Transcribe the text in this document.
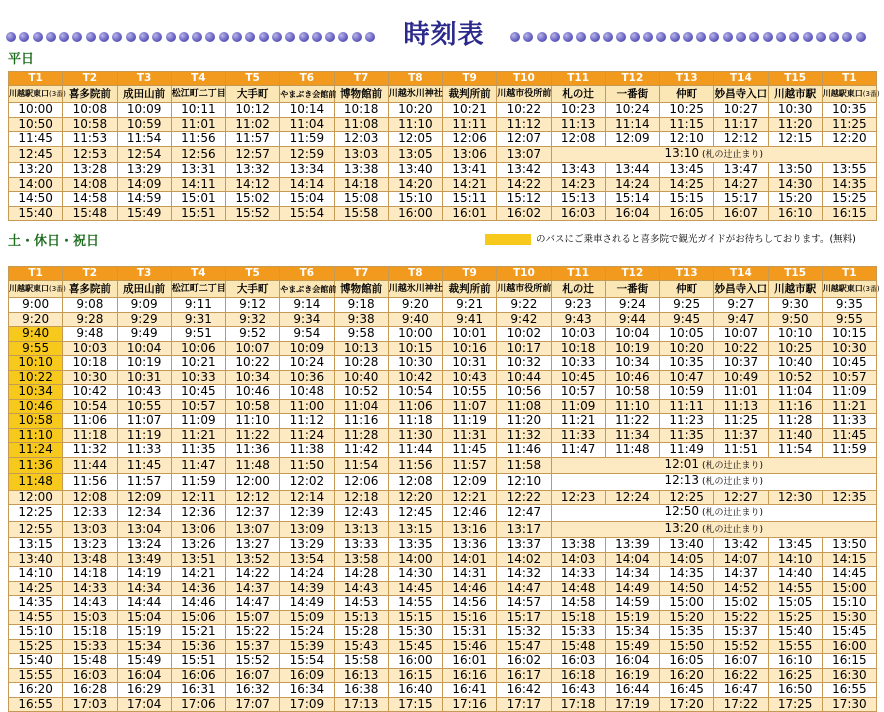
時刻表
平日
T1	T2	T3	T4	T5	T6	T7	T8	T9	T10	T11	T12	T13	T14	T15	T1
川越駅東口(3番)	喜多院前	成田山前	松江町二丁目	大手町	やまぶき会館前	博物館前	川越氷川神社	裁判所前	川越市役所前	札の辻	一番街	仲町	妙昌寺入口	川越市駅	川越駅東口(3番)
10:00	10:08	10:09	10:11	10:12	10:14	10:18	10:20	10:21	10:22	10:23	10:24	10:25	10:27	10:30	10:35
10:50	10:58	10:59	11:01	11:02	11:04	11:08	11:10	11:11	11:12	11:13	11:14	11:15	11:17	11:20	11:25
11:45	11:53	11:54	11:56	11:57	11:59	12:03	12:05	12:06	12:07	12:08	12:09	12:10	12:12	12:15	12:20
12:45	12:53	12:54	12:56	12:57	12:59	13:03	13:05	13:06	13:07	13:10 (札の辻止まり)					
13:20	13:28	13:29	13:31	13:32	13:34	13:38	13:40	13:41	13:42	13:43	13:44	13:45	13:47	13:50	13:55
14:00	14:08	14:09	14:11	14:12	14:14	14:18	14:20	14:21	14:22	14:23	14:24	14:25	14:27	14:30	14:35
14:50	14:58	14:59	15:01	15:02	15:04	15:08	15:10	15:11	15:12	15:13	15:14	15:15	15:17	15:20	15:25
15:40	15:48	15:49	15:51	15:52	15:54	15:58	16:00	16:01	16:02	16:03	16:04	16:05	16:07	16:10	16:15
土・休日・祝日	のバスにご乗車されると喜多院で観光ガイドがお待ちしております。(無料)
T1	T2	T3	T4	T5	T6	T7	T8	T9	T10	T11	T12	T13	T14	T15	T1
川越駅東口(3番)	喜多院前	成田山前	松江町二丁目	大手町	やまぶき会館前	博物館前	川越氷川神社	裁判所前	川越市役所前	札の辻	一番街	仲町	妙昌寺入口	川越市駅	川越駅東口(3番)
9:00	9:08	9:09	9:11	9:12	9:14	9:18	9:20	9:21	9:22	9:23	9:24	9:25	9:27	9:30	9:35
9:20	9:28	9:29	9:31	9:32	9:34	9:38	9:40	9:41	9:42	9:43	9:44	9:45	9:47	9:50	9:55
9:40	9:48	9:49	9:51	9:52	9:54	9:58	10:00	10:01	10:02	10:03	10:04	10:05	10:07	10:10	10:15
9:55	10:03	10:04	10:06	10:07	10:09	10:13	10:15	10:16	10:17	10:18	10:19	10:20	10:22	10:25	10:30
10:10	10:18	10:19	10:21	10:22	10:24	10:28	10:30	10:31	10:32	10:33	10:34	10:35	10:37	10:40	10:45
10:22	10:30	10:31	10:33	10:34	10:36	10:40	10:42	10:43	10:44	10:45	10:46	10:47	10:49	10:52	10:57
10:34	10:42	10:43	10:45	10:46	10:48	10:52	10:54	10:55	10:56	10:57	10:58	10:59	11:01	11:04	11:09
10:46	10:54	10:55	10:57	10:58	11:00	11:04	11:06	11:07	11:08	11:09	11:10	11:11	11:13	11:16	11:21
10:58	11:06	11:07	11:09	11:10	11:12	11:16	11:18	11:19	11:20	11:21	11:22	11:23	11:25	11:28	11:33
11:10	11:18	11:19	11:21	11:22	11:24	11:28	11:30	11:31	11:32	11:33	11:34	11:35	11:37	11:40	11:45
11:24	11:32	11:33	11:35	11:36	11:38	11:42	11:44	11:45	11:46	11:47	11:48	11:49	11:51	11:54	11:59
11:36	11:44	11:45	11:47	11:48	11:50	11:54	11:56	11:57	11:58	12:01 (札の辻止まり)					
11:48	11:56	11:57	11:59	12:00	12:02	12:06	12:08	12:09	12:10	12:13 (札の辻止まり)					
12:00	12:08	12:09	12:11	12:12	12:14	12:18	12:20	12:21	12:22	12:23	12:24	12:25	12:27	12:30	12:35
12:25	12:33	12:34	12:36	12:37	12:39	12:43	12:45	12:46	12:47	12:50 (札の辻止まり)					
12:55	13:03	13:04	13:06	13:07	13:09	13:13	13:15	13:16	13:17	13:20 (札の辻止まり)					
13:15	13:23	13:24	13:26	13:27	13:29	13:33	13:35	13:36	13:37	13:38	13:39	13:40	13:42	13:45	13:50
13:40	13:48	13:49	13:51	13:52	13:54	13:58	14:00	14:01	14:02	14:03	14:04	14:05	14:07	14:10	14:15
14:10	14:18	14:19	14:21	14:22	14:24	14:28	14:30	14:31	14:32	14:33	14:34	14:35	14:37	14:40	14:45
14:25	14:33	14:34	14:36	14:37	14:39	14:43	14:45	14:46	14:47	14:48	14:49	14:50	14:52	14:55	15:00
14:35	14:43	14:44	14:46	14:47	14:49	14:53	14:55	14:56	14:57	14:58	14:59	15:00	15:02	15:05	15:10
14:55	15:03	15:04	15:06	15:07	15:09	15:13	15:15	15:16	15:17	15:18	15:19	15:20	15:22	15:25	15:30
15:10	15:18	15:19	15:21	15:22	15:24	15:28	15:30	15:31	15:32	15:33	15:34	15:35	15:37	15:40	15:45
15:25	15:33	15:34	15:36	15:37	15:39	15:43	15:45	15:46	15:47	15:48	15:49	15:50	15:52	15:55	16:00
15:40	15:48	15:49	15:51	15:52	15:54	15:58	16:00	16:01	16:02	16:03	16:04	16:05	16:07	16:10	16:15
15:55	16:03	16:04	16:06	16:07	16:09	16:13	16:15	16:16	16:17	16:18	16:19	16:20	16:22	16:25	16:30
16:20	16:28	16:29	16:31	16:32	16:34	16:38	16:40	16:41	16:42	16:43	16:44	16:45	16:47	16:50	16:55
16:55	17:03	17:04	17:06	17:07	17:09	17:13	17:15	17:16	17:17	17:18	17:19	17:20	17:22	17:25	17:30
